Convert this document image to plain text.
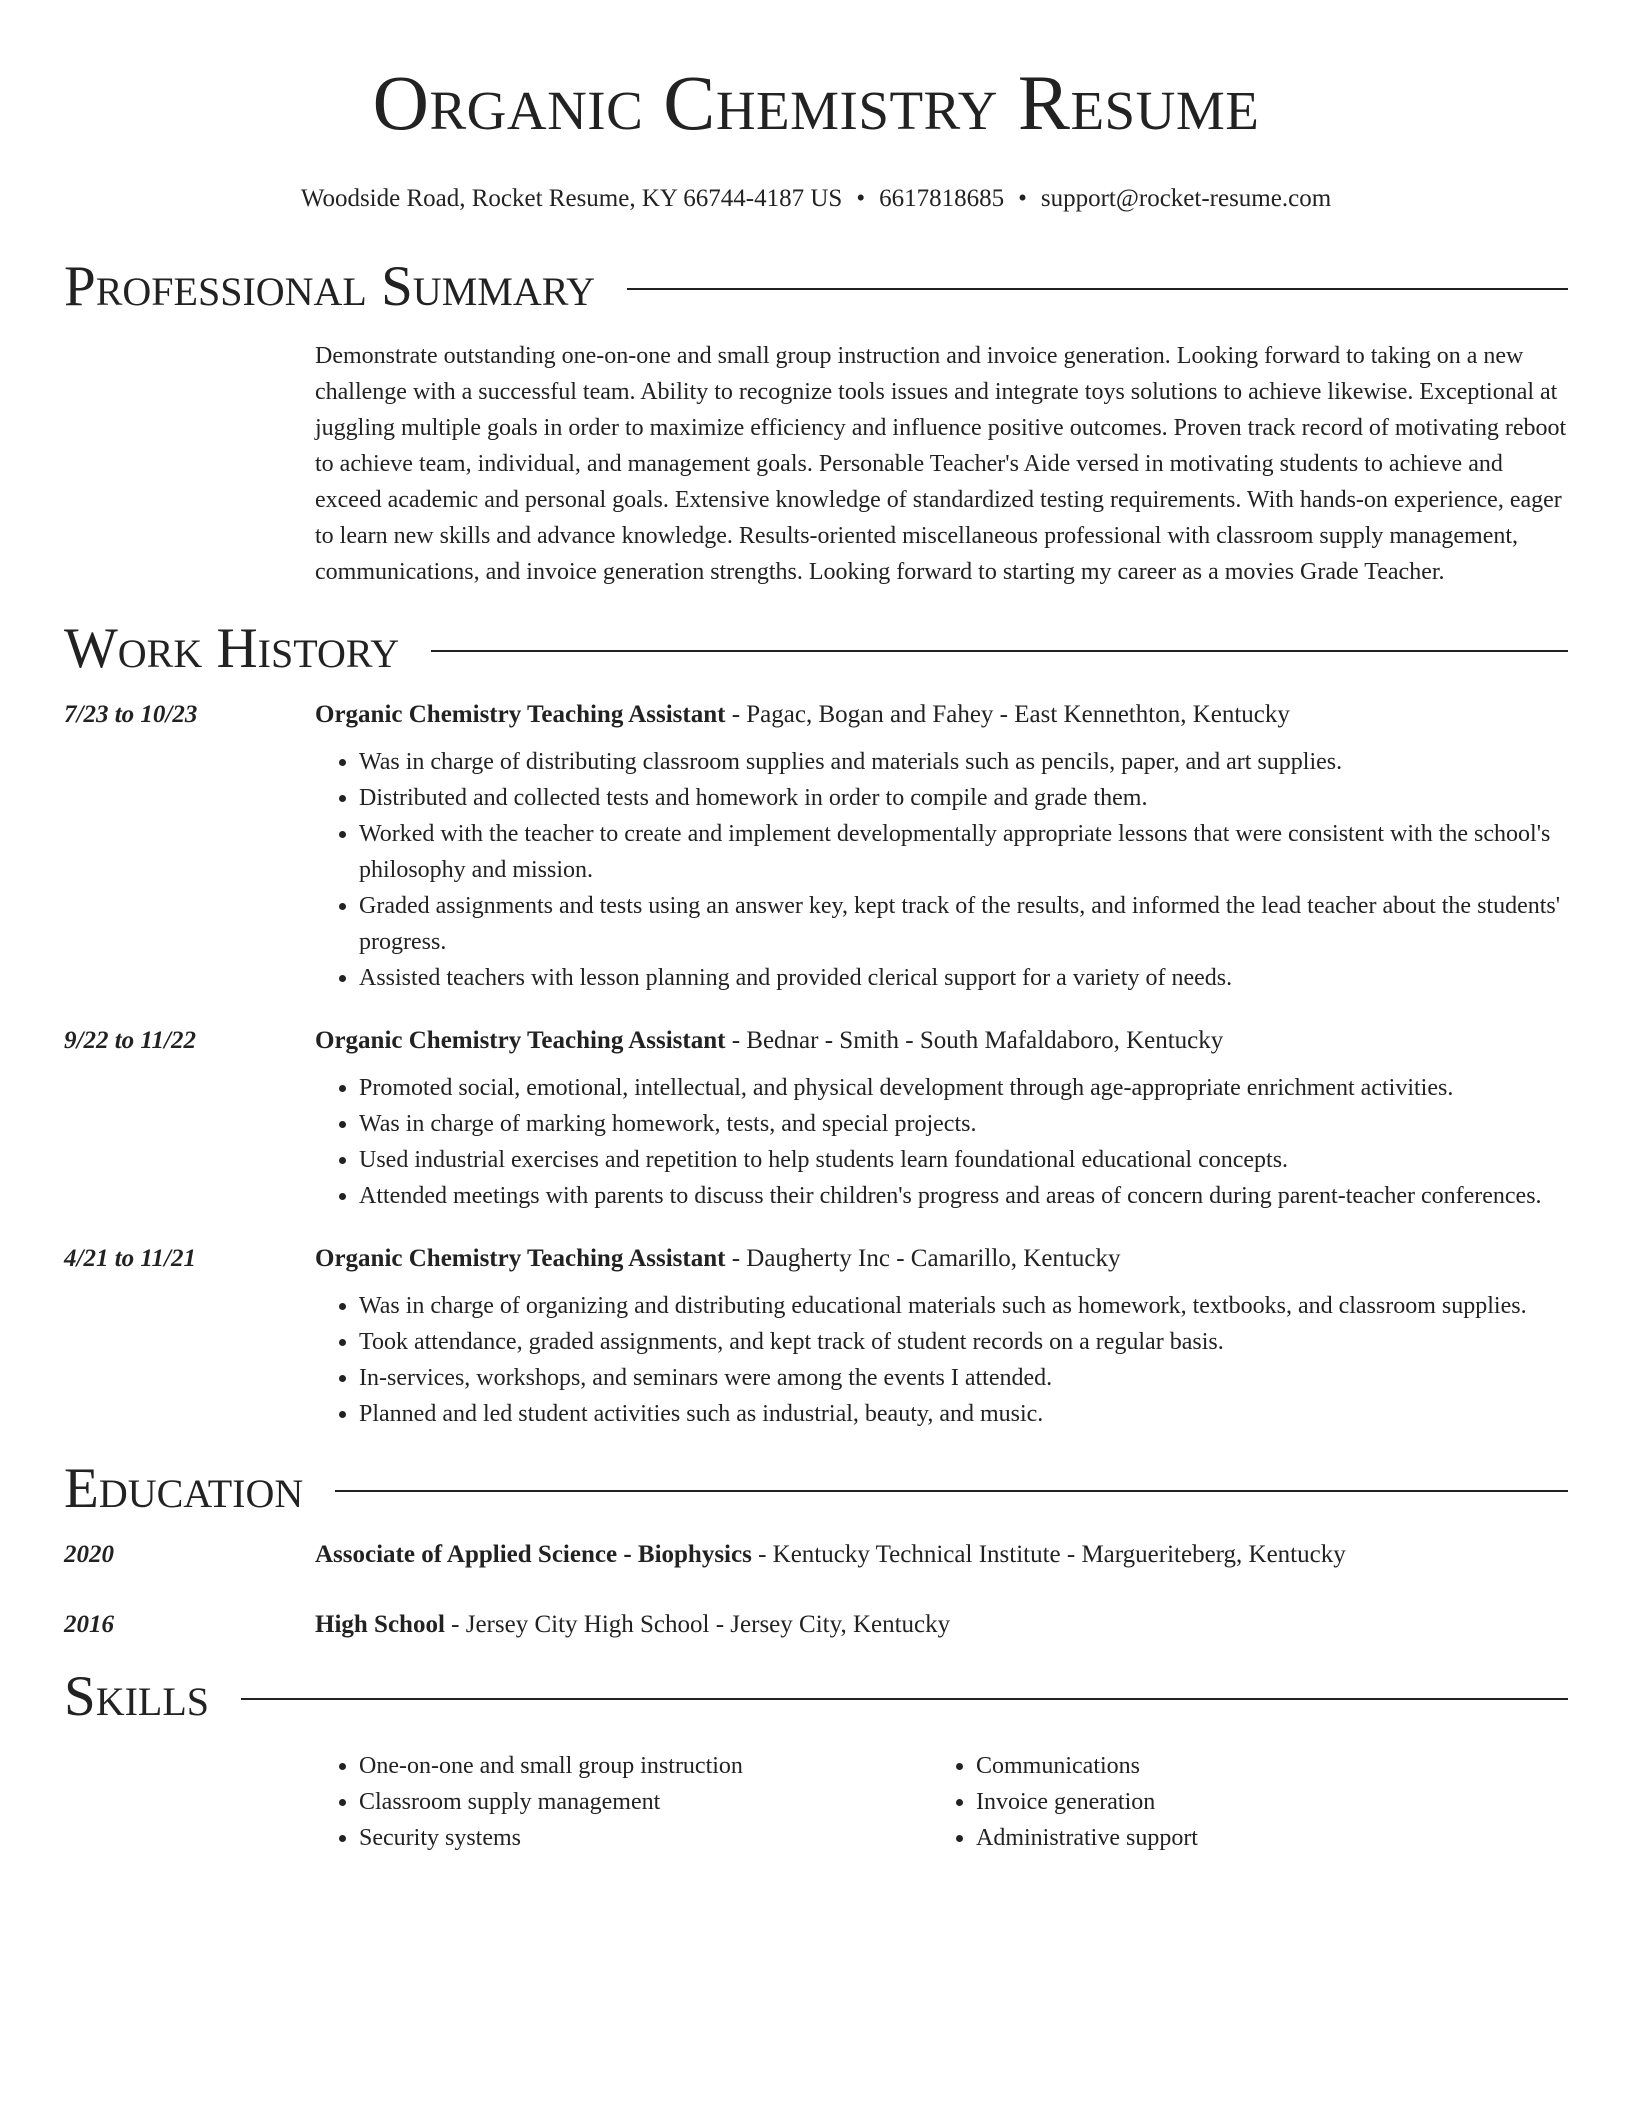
Organic Chemistry Resume
Woodside Road, Rocket Resume, KY 66744-4187 US • 6617818685 • support@rocket-resume.com
Professional Summary
Demonstrate outstanding one-on-one and small group instruction and invoice generation. Looking forward to taking on a new challenge with a successful team. Ability to recognize tools issues and integrate toys solutions to achieve likewise. Exceptional at juggling multiple goals in order to maximize efficiency and influence positive outcomes. Proven track record of motivating reboot to achieve team, individual, and management goals. Personable Teacher's Aide versed in motivating students to achieve and exceed academic and personal goals. Extensive knowledge of standardized testing requirements. With hands-on experience, eager to learn new skills and advance knowledge. Results-oriented miscellaneous professional with classroom supply management, communications, and invoice generation strengths. Looking forward to starting my career as a movies Grade Teacher.
Work History
7/23 to 10/23	Organic Chemistry Teaching Assistant - Pagac, Bogan and Fahey - East Kennethton, Kentucky
• Was in charge of distributing classroom supplies and materials such as pencils, paper, and art supplies.
• Distributed and collected tests and homework in order to compile and grade them.
• Worked with the teacher to create and implement developmentally appropriate lessons that were consistent with the school's philosophy and mission.
• Graded assignments and tests using an answer key, kept track of the results, and informed the lead teacher about the students' progress.
• Assisted teachers with lesson planning and provided clerical support for a variety of needs.
9/22 to 11/22	Organic Chemistry Teaching Assistant - Bednar - Smith - South Mafaldaboro, Kentucky
• Promoted social, emotional, intellectual, and physical development through age-appropriate enrichment activities.
• Was in charge of marking homework, tests, and special projects.
• Used industrial exercises and repetition to help students learn foundational educational concepts.
• Attended meetings with parents to discuss their children's progress and areas of concern during parent-teacher conferences.
4/21 to 11/21	Organic Chemistry Teaching Assistant - Daugherty Inc - Camarillo, Kentucky
• Was in charge of organizing and distributing educational materials such as homework, textbooks, and classroom supplies.
• Took attendance, graded assignments, and kept track of student records on a regular basis.
• In-services, workshops, and seminars were among the events I attended.
• Planned and led student activities such as industrial, beauty, and music.
Education
2020	Associate of Applied Science - Biophysics - Kentucky Technical Institute - Margueriteberg, Kentucky
2016	High School - Jersey City High School - Jersey City, Kentucky
Skills
• One-on-one and small group instruction
• Classroom supply management
• Security systems
• Communications
• Invoice generation
• Administrative support
